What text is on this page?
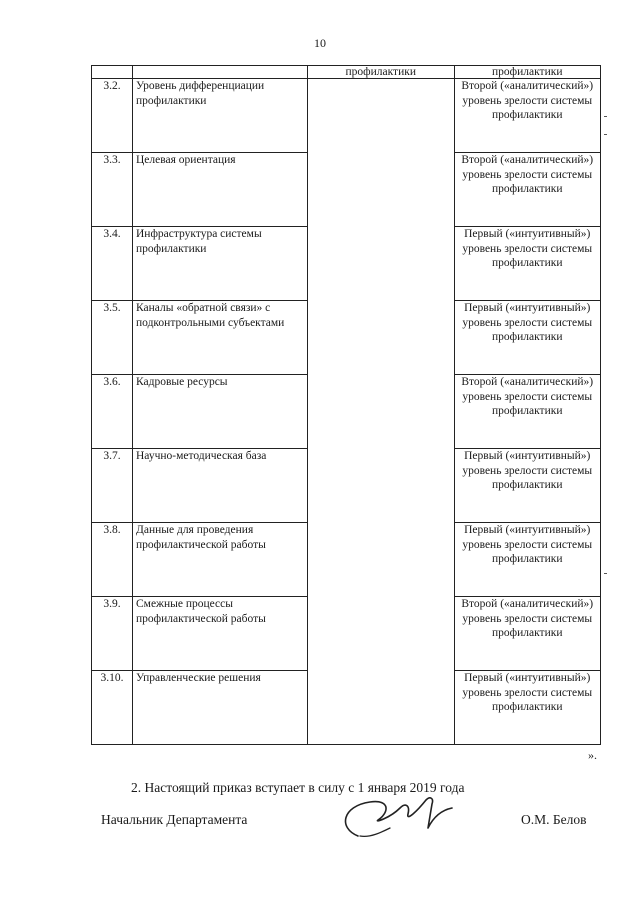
10
		профилактики	профилактики
3.2.	Уровень дифференциации профилактики		Второй («аналитический») уровень зрелости системы профилактики
3.3.	Целевая ориентация		Второй («аналитический») уровень зрелости системы профилактики
3.4.	Инфраструктура системы профилактики		Первый («интуитивный») уровень зрелости системы профилактики
3.5.	Каналы «обратной связи» с подконтрольными субъектами		Первый («интуитивный») уровень зрелости системы профилактики
3.6.	Кадровые ресурсы		Второй («аналитический») уровень зрелости системы профилактики
3.7.	Научно-методическая база		Первый («интуитивный») уровень зрелости системы профилактики
3.8.	Данные для проведения профилактической работы		Первый («интуитивный») уровень зрелости системы профилактики
3.9.	Смежные процессы профилактической работы		Второй («аналитический») уровень зрелости системы профилактики
3.10.	Управленческие решения		Первый («интуитивный») уровень зрелости системы профилактики
».
2. Настоящий приказ вступает в силу с 1 января 2019 года
Начальник Департамента	О.М. Белов
